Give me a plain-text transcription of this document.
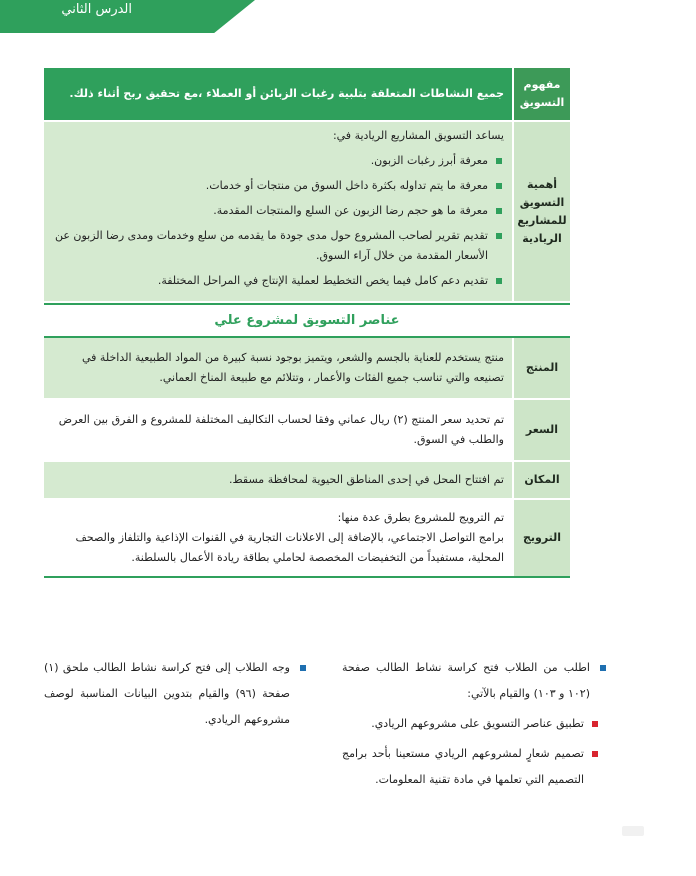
الدرس الثاني
مفهوم التسويق
جميع النشاطات المتعلقة بتلبية رغبات الزبائن أو العملاء ،مع تحقيق ربح أثناء ذلك.
أهمية التسويق للمشاريع الريادية
يساعد التسويق المشاريع الريادية في:
معرفة أبرز رغبات الزبون.
معرفة ما يتم تداوله بكثرة داخل السوق من منتجات أو خدمات.
معرفة ما هو حجم رضا الزبون عن السلع والمنتجات المقدمة.
تقديم تقرير لصاحب المشروع حول مدى جودة ما يقدمه من سلع وخدمات ومدى رضا الزبون عن الأسعار المقدمة من خلال آراء السوق.
تقديم دعم كامل فيما يخص التخطيط لعملية الإنتاج في المراحل المختلفة.
عناصر التسويق لمشروع علي
المنتج
منتج يستخدم للعناية بالجسم والشعر، ويتميز بوجود نسبة كبيرة من المواد الطبيعية الداخلة في تصنيعه والتي تناسب جميع الفئات والأعمار ، وتتلائم مع طبيعة المناخ العماني.
السعر
تم تحديد سعر المنتج (٢) ريال عماني وفقا لحساب التكاليف المختلفة للمشروع و الفرق بين العرض والطلب في السوق.
المكان
تم افتتاح المحل في إحدى المناطق الحيوية لمحافظة مسقط.
الترويج
تم الترويج للمشروع بطرق عدة منها:
برامج التواصل الاجتماعي، بالإضافة إلى الاعلانات التجارية في القنوات الإذاعية والتلفاز والصحف المحلية، مستفيداً من التخفيضات المخصصة لحاملي بطاقة ريادة الأعمال بالسلطنة.
اطلب من الطلاب فتح كراسة نشاط الطالب صفحة (١٠٢ و ١٠٣) والقيام بالآتي:
تطبيق عناصر التسويق على مشروعهم الريادي.
تصميم شعارٍ لمشروعهم الريادي مستعينا بأحد برامج التصميم التي تعلمها في مادة تقنية المعلومات.
وجه الطلاب إلى فتح كراسة نشاط الطالب ملحق (١) صفحة (٩٦) والقيام بتدوين البيانات المناسبة لوصف مشروعهم الريادي.
